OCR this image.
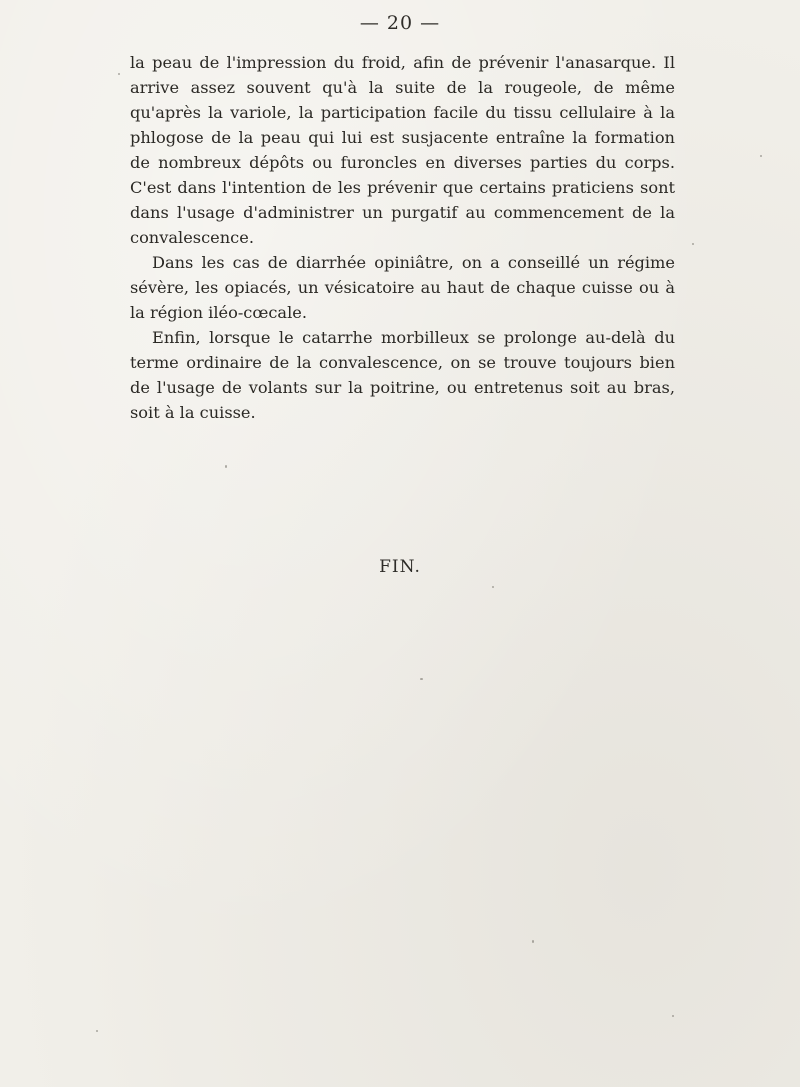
— 20 —

la peau de l'impression du froid, afin de prévenir l'anasarque. Il arrive assez souvent qu'à la suite de la rougeole, de même qu'après la variole, la participation facile du tissu cellulaire à la phlogose de la peau qui lui est susjacente entraîne la formation de nombreux dépôts ou furoncles en diverses parties du corps. C'est dans l'intention de les prévenir que certains praticiens sont dans l'usage d'administrer un purgatif au commencement de la convalescence.

Dans les cas de diarrhée opiniâtre, on a conseillé un régime sévère, les opiacés, un vésicatoire au haut de chaque cuisse ou à la région iléo-cœcale.

Enfin, lorsque le catarrhe morbilleux se prolonge au-delà du terme ordinaire de la convalescence, on se trouve toujours bien de l'usage de volants sur la poitrine, ou entretenus soit au bras, soit à la cuisse.

FIN.
